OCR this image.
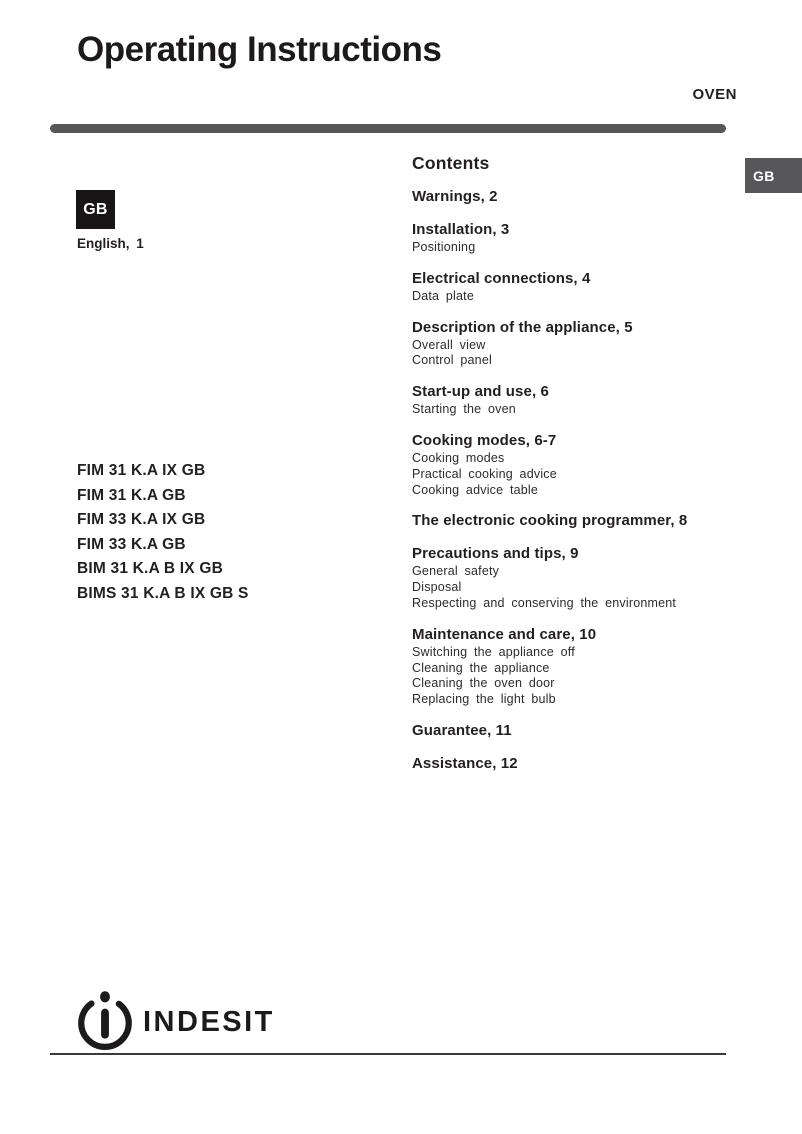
Operating Instructions
OVEN
GB
GB
English, 1
FIM 31 K.A IX GB
FIM 31 K.A GB
FIM 33 K.A IX GB
FIM 33 K.A GB
BIM 31 K.A B IX GB
BIMS 31 K.A B IX GB S
Contents
Warnings, 2
Installation, 3
Positioning
Electrical connections, 4
Data plate
Description of the appliance, 5
Overall view
Control panel
Start-up and use, 6
Starting the oven
Cooking modes, 6-7
Cooking modes
Practical cooking advice
Cooking advice table
The electronic cooking programmer, 8
Precautions and tips, 9
General safety
Disposal
Respecting and conserving the environment
Maintenance and care, 10
Switching the appliance off
Cleaning the appliance
Cleaning the oven door
Replacing the light bulb
Guarantee, 11
Assistance, 12
INDESIT
